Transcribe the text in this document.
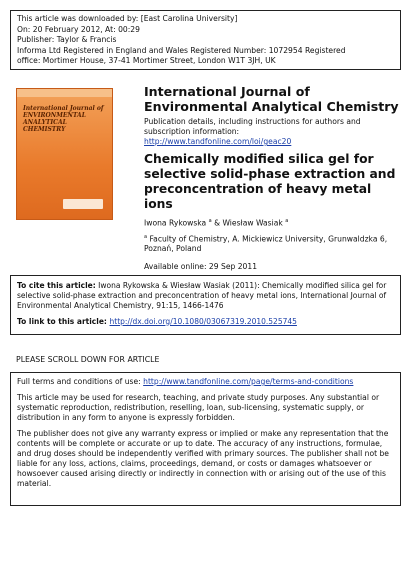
This article was downloaded by: [East Carolina University]
On: 20 February 2012, At: 00:29
Publisher: Taylor & Francis
Informa Ltd Registered in England and Wales Registered Number: 1072954 Registered
office: Mortimer House, 37-41 Mortimer Street, London W1T 3JH, UK
International Journal of
ENVIRONMENTAL
ANALYTICAL
CHEMISTRY
International Journal of Environmental Analytical Chemistry
Publication details, including instructions for authors and
subscription information:
http://www.tandfonline.com/loi/geac20
Chemically modified silica gel for selective solid-phase extraction and preconcentration of heavy metal ions
Iwona Rykowska $^a$ & Wiesław Wasiak $^a$
$^a$ Faculty of Chemistry, A. Mickiewicz University, Grunwaldzka 6, Poznań, Poland
Available online: 29 Sep 2011
To cite this article: Iwona Rykowska & Wiesław Wasiak (2011): Chemically modified silica gel for selective solid-phase extraction and preconcentration of heavy metal ions, International Journal of Environmental Analytical Chemistry, 91:15, 1466-1476
To link to this article: http://dx.doi.org/10.1080/03067319.2010.525745
PLEASE SCROLL DOWN FOR ARTICLE

Full terms and conditions of use: http://www.tandfonline.com/page/terms-and-conditions

This article may be used for research, teaching, and private study purposes. Any substantial or systematic reproduction, redistribution, reselling, loan, sub-licensing, systematic supply, or distribution in any form to anyone is expressly forbidden.

The publisher does not give any warranty express or implied or make any representation that the contents will be complete or accurate or up to date. The accuracy of any instructions, formulae, and drug doses should be independently verified with primary sources. The publisher shall not be liable for any loss, actions, claims, proceedings, demand, or costs or damages whatsoever or howsoever caused arising directly or indirectly in connection with or arising out of the use of this material.
